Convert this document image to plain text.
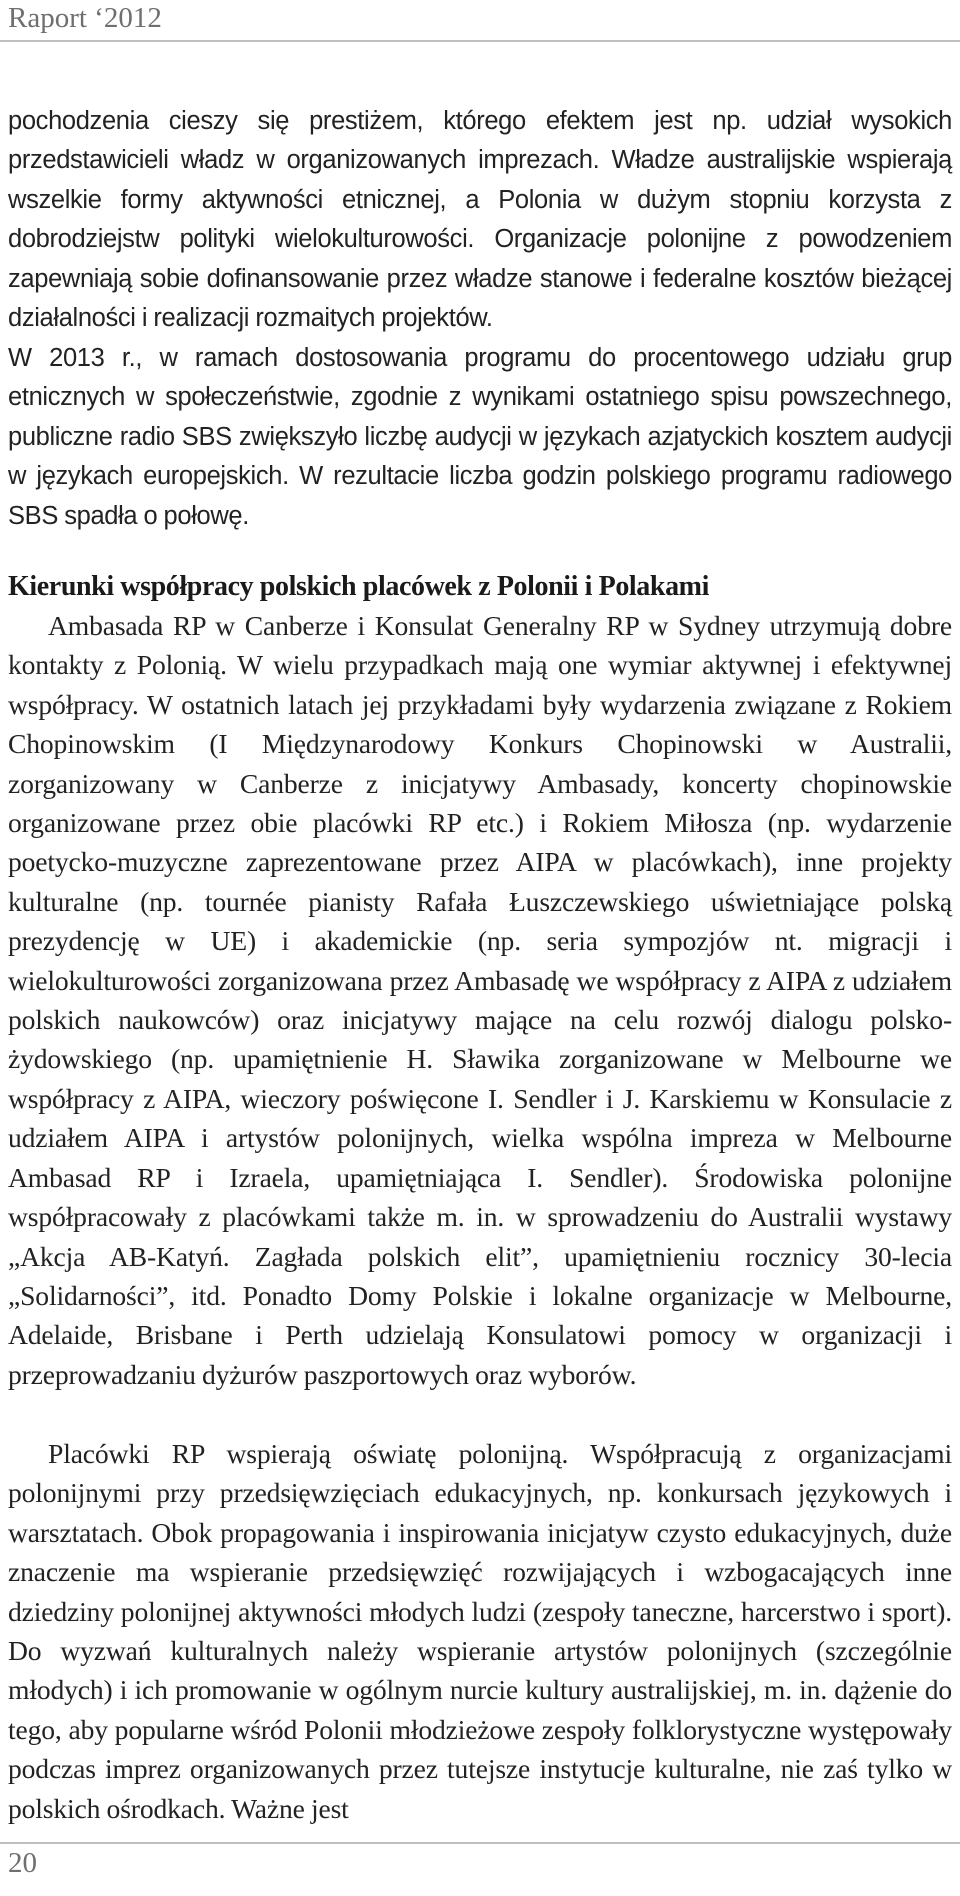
Raport ‘2012

pochodzenia cieszy się prestiżem, którego efektem jest np. udział wysokich przedstawicieli władz w organizowanych imprezach. Władze australijskie wspierają wszelkie formy aktywności etnicznej, a Polonia w dużym stopniu korzysta z dobrodziejstw polityki wielokulturowości. Organizacje polonijne z powodzeniem zapewniają sobie dofinansowanie przez władze stanowe i federalne kosztów bieżącej działalności i realizacji rozmaitych projektów.

W 2013 r., w ramach dostosowania programu do procentowego udziału grup etnicznych w społeczeństwie, zgodnie z wynikami ostatniego spisu powszechnego, publiczne radio SBS zwiększyło liczbę audycji w językach azjatyckich kosztem audycji w językach europejskich. W rezultacie liczba godzin polskiego programu radiowego SBS spadła o połowę.

Kierunki współpracy polskich placówek z Polonii i Polakami

Ambasada RP w Canberze i Konsulat Generalny RP w Sydney utrzymują dobre kontakty z Polonią. W wielu przypadkach mają one wymiar aktywnej i efektywnej współpracy. W ostatnich latach jej przykładami były wydarzenia związane z Rokiem Chopinowskim (I Międzynarodowy Konkurs Chopinowski w Australii, zorganizowany w Canberze z inicjatywy Ambasady, koncerty chopinowskie organizowane przez obie placówki RP etc.) i Rokiem Miłosza (np. wydarzenie poetycko-muzyczne zaprezentowane przez AIPA w placówkach), inne projekty kulturalne (np. tournée pianisty Rafała Łuszczewskiego uświetniające polską prezydencję w UE) i akademickie (np. seria sympozjów nt. migracji i wielokulturowości zorganizowana przez Ambasadę we współpracy z AIPA z udziałem polskich naukowców) oraz inicjatywy mające na celu rozwój dialogu polsko-żydowskiego (np. upamiętnienie H. Sławika zorganizowane w Melbourne we współpracy z AIPA, wieczory poświęcone I. Sendler i J. Karskiemu w Konsulacie z udziałem AIPA i artystów polonijnych, wielka wspólna impreza w Melbourne Ambasad RP i Izraela, upamiętniająca I. Sendler). Środowiska polonijne współpracowały z placówkami także m. in. w sprowadzeniu do Australii wystawy „Akcja AB-Katyń. Zagłada polskich elit”, upamiętnieniu rocznicy 30-lecia „Solidarności”, itd. Ponadto Domy Polskie i lokalne organizacje w Melbourne, Adelaide, Brisbane i Perth udzielają Konsulatowi pomocy w organizacji i przeprowadzaniu dyżurów paszportowych oraz wyborów.

Placówki RP wspierają oświatę polonijną. Współpracują z organizacjami polonijnymi przy przedsięwzięciach edukacyjnych, np. konkursach językowych i warsztatach. Obok propagowania i inspirowania inicjatyw czysto edukacyjnych, duże znaczenie ma wspieranie przedsięwzięć rozwijających i wzbogacających inne dziedziny polonijnej aktywności młodych ludzi (zespoły taneczne, harcerstwo i sport). Do wyzwań kulturalnych należy wspieranie artystów polonijnych (szczególnie młodych) i ich promowanie w ogólnym nurcie kultury australijskiej, m. in. dążenie do tego, aby popularne wśród Polonii młodzieżowe zespoły folklorystyczne występowały podczas imprez organizowanych przez tutejsze instytucje kulturalne, nie zaś tylko w polskich ośrodkach. Ważne jest

20
